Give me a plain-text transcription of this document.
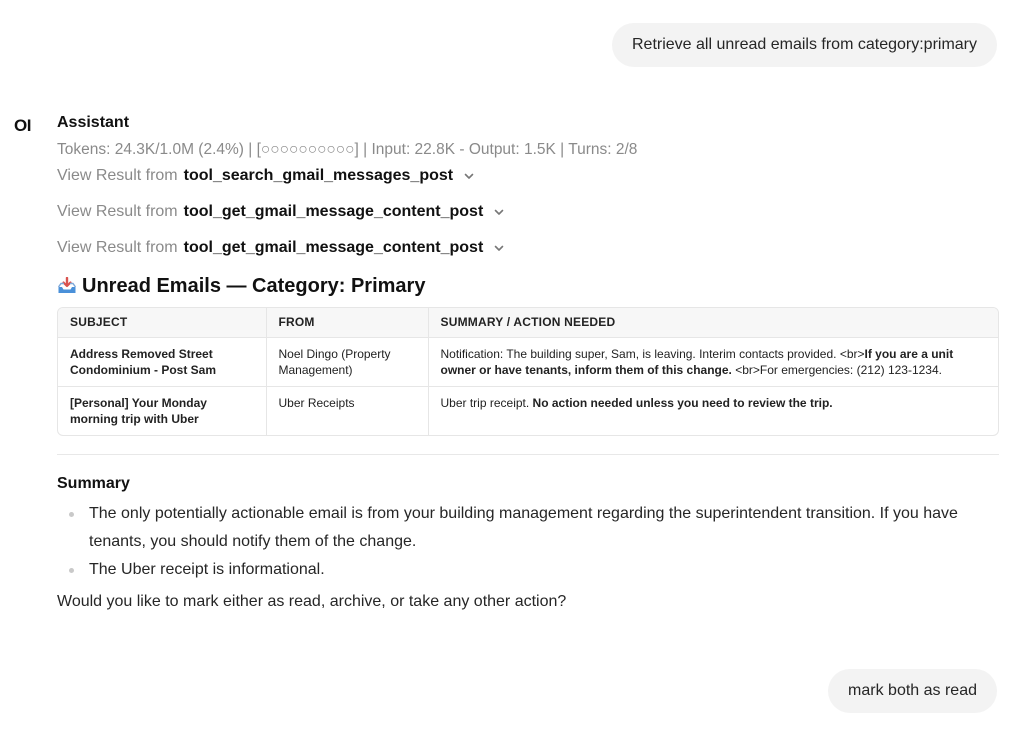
Retrieve all unread emails from category:primary
OI Assistant
Tokens: 24.3K/1.0M (2.4%) | [○○○○○○○○○○] | Input: 22.8K - Output: 1.5K | Turns: 2/8
View Result from tool_search_gmail_messages_post
View Result from tool_get_gmail_message_content_post
View Result from tool_get_gmail_message_content_post
Unread Emails — Category: Primary
SUBJECT	FROM	SUMMARY / ACTION NEEDED
Address Removed Street Condominium - Post Sam	Noel Dingo (Property Management)	Notification: The building super, Sam, is leaving. Interim contacts provided. <br>If you are a unit owner or have tenants, inform them of this change. <br>For emergencies: (212) 123-1234.
[Personal] Your Monday morning trip with Uber	Uber Receipts	Uber trip receipt. No action needed unless you need to review the trip.
Summary
The only potentially actionable email is from your building management regarding the superintendent transition. If you have tenants, you should notify them of the change.
The Uber receipt is informational.
Would you like to mark either as read, archive, or take any other action?
mark both as read
